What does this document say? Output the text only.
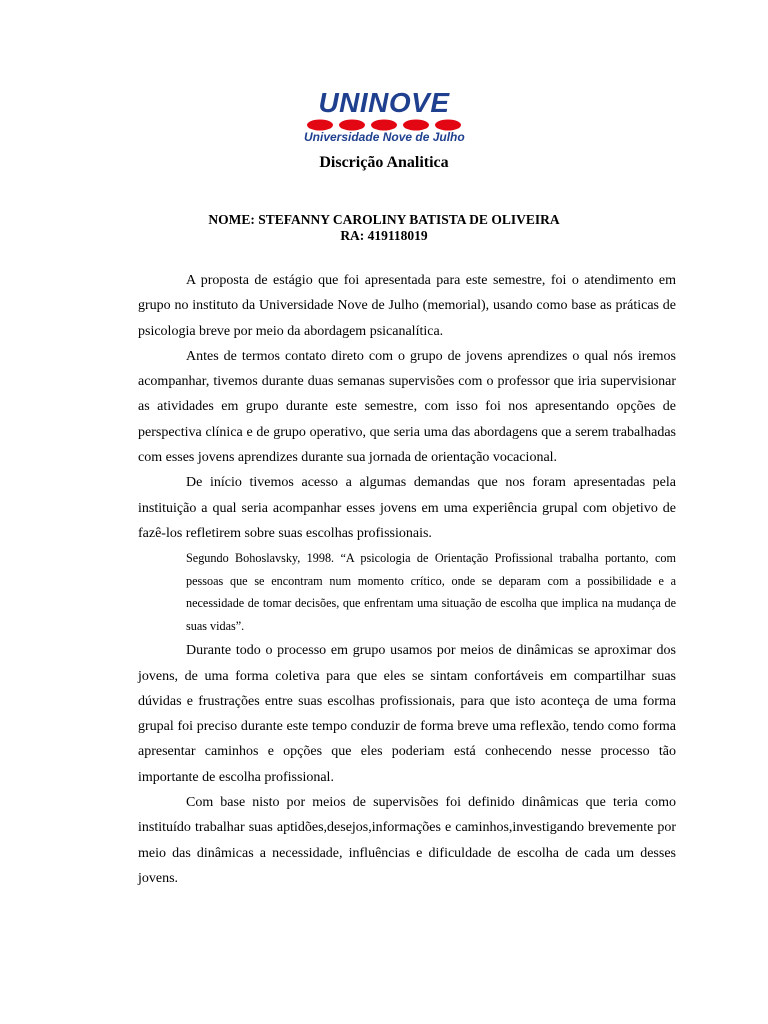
UNINOVE
Universidade Nove de Julho
Discrição Analitica
NOME: STEFANNY CAROLINY BATISTA DE OLIVEIRA
RA: 419118019

A proposta de estágio que foi apresentada para este semestre, foi o atendimento em grupo no instituto da Universidade Nove de Julho (memorial), usando como base as práticas de psicologia breve por meio da abordagem psicanalítica.

Antes de termos contato direto com o grupo de jovens aprendizes o qual nós iremos acompanhar, tivemos durante duas semanas supervisões com o professor que iria supervisionar as atividades em grupo durante este semestre, com isso foi nos apresentando opções de perspectiva clínica e de grupo operativo, que seria uma das abordagens que a serem trabalhadas com esses jovens aprendizes durante sua jornada de orientação vocacional.

De início tivemos acesso a algumas demandas que nos foram apresentadas pela instituição a qual seria acompanhar esses jovens em uma experiência grupal com objetivo de fazê-los refletirem sobre suas escolhas profissionais.

Segundo Bohoslavsky, 1998. “A psicologia de Orientação Profissional trabalha portanto, com pessoas que se encontram num momento crítico, onde se deparam com a possibilidade e a necessidade de tomar decisões, que enfrentam uma situação de escolha que implica na mudança de suas vidas”.

Durante todo o processo em grupo usamos por meios de dinâmicas se aproximar dos jovens, de uma forma coletiva para que eles se sintam confortáveis em compartilhar suas dúvidas e frustrações entre suas escolhas profissionais, para que isto aconteça de uma forma grupal foi preciso durante este tempo conduzir de forma breve uma reflexão, tendo como forma apresentar caminhos e opções que eles poderiam está conhecendo nesse processo tão importante de escolha profissional.

Com base nisto por meios de supervisões foi definido dinâmicas que teria como instituído trabalhar suas aptidões,desejos,informações e caminhos,investigando brevemente por meio das dinâmicas a necessidade, influências e dificuldade de escolha de cada um desses jovens.
